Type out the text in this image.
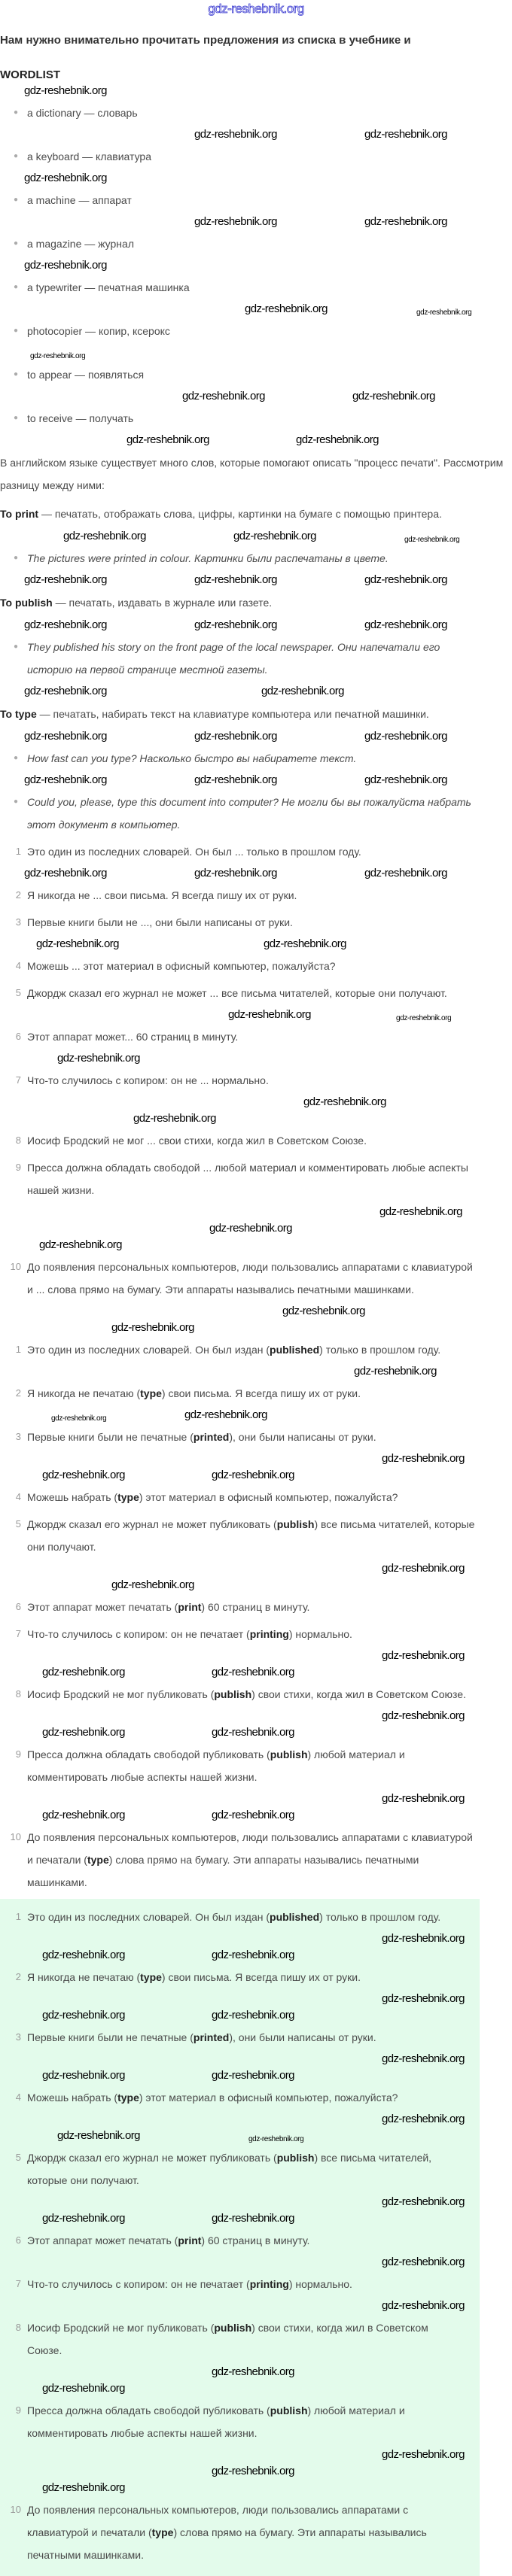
gdz-reshebnik.org
Нам нужно внимательно прочитать предложения из списка в учебнике и
WORDLIST
gdz-reshebnik.org
● a dictionary — словарь
gdz-reshebnik.org	gdz-reshebnik.org
● a keyboard — клавиатура
gdz-reshebnik.org
● a machine — аппарат
gdz-reshebnik.org	gdz-reshebnik.org
● a magazine — журнал
gdz-reshebnik.org
● a typewriter — печатная машинка
gdz-reshebnik.org	gdz-reshebnik.org
● photocopier — копир, ксерокс
gdz-reshebnik.org
● to appear — появляться
gdz-reshebnik.org	gdz-reshebnik.org
● to receive — получать
gdz-reshebnik.org	gdz-reshebnik.org
В английском языке существует много слов, которые помогают описать "процесс печати". Рассмотрим разницу между ними:
To print — печатать, отображать слова, цифры, картинки на бумаге с помощью принтера.
gdz-reshebnik.org	gdz-reshebnik.org	gdz-reshebnik.org
● The pictures were printed in colour. Картинки были распечатаны в цвете.
gdz-reshebnik.org	gdz-reshebnik.org	gdz-reshebnik.org
To publish — печатать, издавать в журнале или газете.
gdz-reshebnik.org	gdz-reshebnik.org	gdz-reshebnik.org
● They published his story on the front page of the local newspaper. Они напечатали его историю на первой странице местной газеты.
gdz-reshebnik.org	gdz-reshebnik.org
To type — печатать, набирать текст на клавиатуре компьютера или печатной машинки.
gdz-reshebnik.org	gdz-reshebnik.org	gdz-reshebnik.org
● How fast can you type? Насколько быстро вы набиратете текст.
gdz-reshebnik.org	gdz-reshebnik.org	gdz-reshebnik.org
● Could you, please, type this document into computer? Не могли бы вы пожалуйста набрать этот документ в компьютер.
1 Это один из последних словарей. Он был ... только в прошлом году.
gdz-reshebnik.org	gdz-reshebnik.org	gdz-reshebnik.org
2 Я никогда не ... свои письма. Я всегда пишу их от руки.
3 Первые книги были не ..., они были написаны от руки.
gdz-reshebnik.org	gdz-reshebnik.org
4 Можешь ... этот материал в офисный компьютер, пожалуйста?
5 Джордж сказал его журнал не может ... все письма читателей, которые они получают.
gdz-reshebnik.org	gdz-reshebnik.org
6 Этот аппарат может... 60 страниц в минуту.
gdz-reshebnik.org
7 Что-то случилось с копиром: он не ... нормально.
gdz-reshebnik.org
gdz-reshebnik.org
8 Иосиф Бродский не мог ... свои стихи, когда жил в Советском Союзе.
9 Пресса должна обладать свободой ... любой материал и комментировать любые аспекты нашей жизни.
gdz-reshebnik.org
gdz-reshebnik.org
gdz-reshebnik.org
10 До появления персональных компьютеров, люди пользовались аппаратами с клавиатурой и ... слова прямо на бумагу. Эти аппараты назывались печатными машинками.
gdz-reshebnik.org
gdz-reshebnik.org
1 Это один из последних словарей. Он был издан (published) только в прошлом году.
gdz-reshebnik.org
2 Я никогда не печатаю (type) свои письма. Я всегда пишу их от руки.
gdz-reshebnik.org	gdz-reshebnik.org
3 Первые книги были не печатные (printed), они были написаны от руки.
gdz-reshebnik.org
gdz-reshebnik.org	gdz-reshebnik.org
4 Можешь набрать (type) этот материал в офисный компьютер, пожалуйста?
5 Джордж сказал его журнал не может публиковать (publish) все письма читателей, которые они получают.
gdz-reshebnik.org
gdz-reshebnik.org
6 Этот аппарат может печатать (print) 60 страниц в минуту.
7 Что-то случилось с копиром: он не печатает (printing) нормально.
gdz-reshebnik.org
gdz-reshebnik.org	gdz-reshebnik.org
8 Иосиф Бродский не мог публиковать (publish) свои стихи, когда жил в Советском Союзе.
gdz-reshebnik.org
gdz-reshebnik.org	gdz-reshebnik.org
9 Пресса должна обладать свободой публиковать (publish) любой материал и комментировать любые аспекты нашей жизни.
gdz-reshebnik.org
gdz-reshebnik.org	gdz-reshebnik.org
10 До появления персональных компьютеров, люди пользовались аппаратами с клавиатурой и печатали (type) слова прямо на бумагу. Эти аппараты назывались печатными машинками.
1 Это один из последних словарей. Он был издан (published) только в прошлом году.
gdz-reshebnik.org
gdz-reshebnik.org	gdz-reshebnik.org
2 Я никогда не печатаю (type) свои письма. Я всегда пишу их от руки.
gdz-reshebnik.org
gdz-reshebnik.org	gdz-reshebnik.org
3 Первые книги были не печатные (printed), они были написаны от руки.
gdz-reshebnik.org
gdz-reshebnik.org	gdz-reshebnik.org
4 Можешь набрать (type) этот материал в офисный компьютер, пожалуйста?
gdz-reshebnik.org
gdz-reshebnik.org	gdz-reshebnik.org
5 Джордж сказал его журнал не может публиковать (publish) все письма читателей, которые они получают.
gdz-reshebnik.org
gdz-reshebnik.org	gdz-reshebnik.org
6 Этот аппарат может печатать (print) 60 страниц в минуту.
gdz-reshebnik.org
7 Что-то случилось с копиром: он не печатает (printing) нормально.
gdz-reshebnik.org
8 Иосиф Бродский не мог публиковать (publish) свои стихи, когда жил в Советском Союзе.
gdz-reshebnik.org
gdz-reshebnik.org
9 Пресса должна обладать свободой публиковать (publish) любой материал и комментировать любые аспекты нашей жизни.
gdz-reshebnik.org
gdz-reshebnik.org
gdz-reshebnik.org
10 До появления персональных компьютеров, люди пользовались аппаратами с клавиатурой и печатали (type) слова прямо на бумагу. Эти аппараты назывались печатными машинками.
